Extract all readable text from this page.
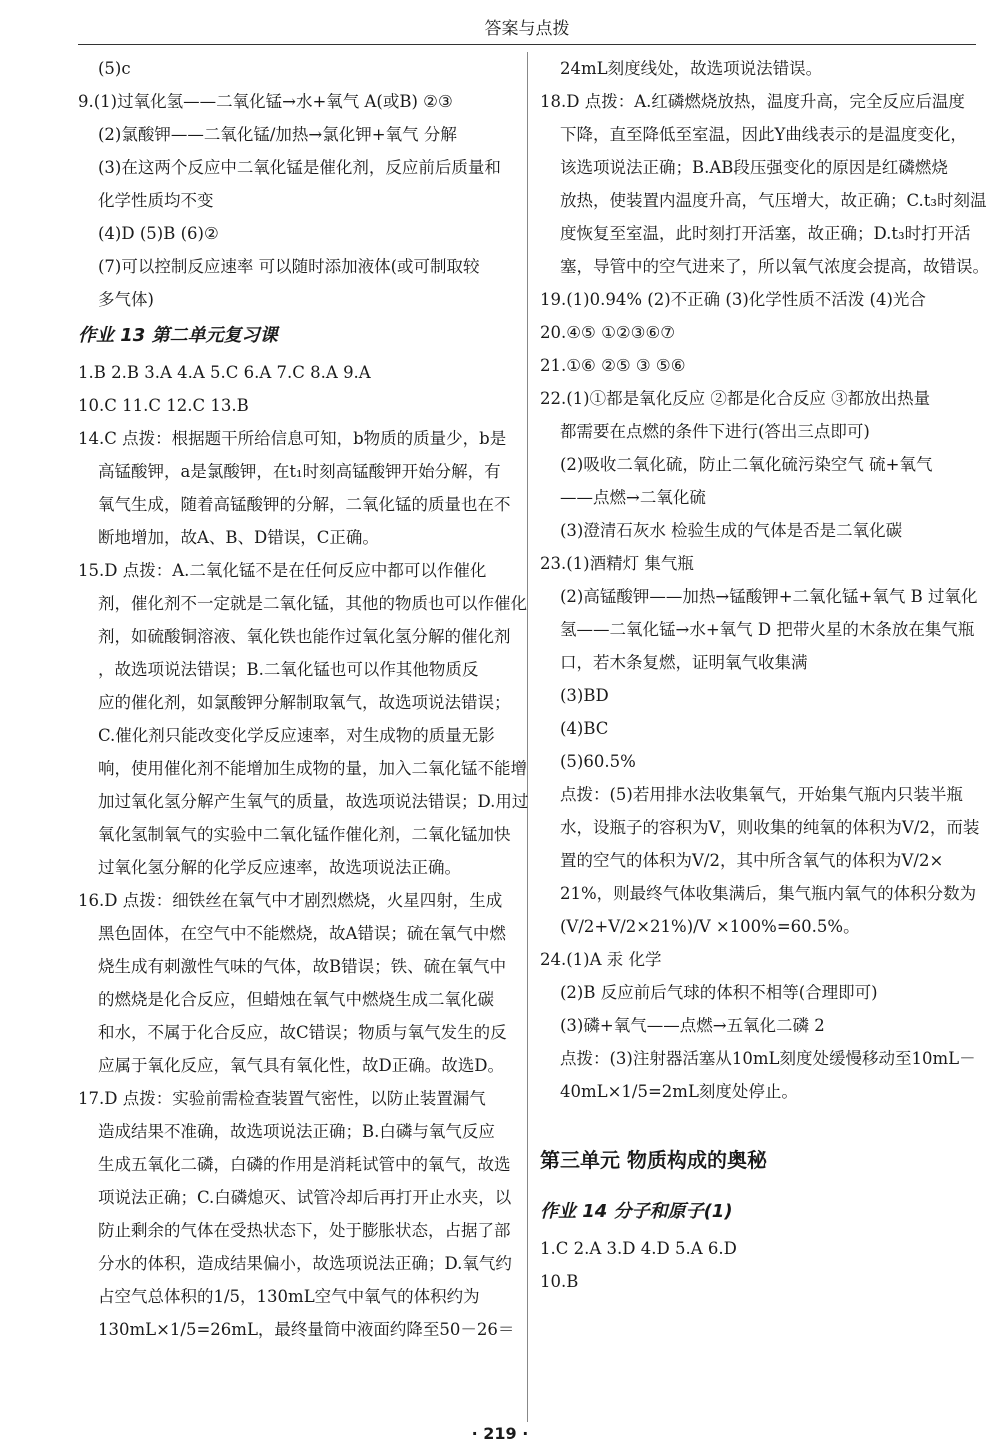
答案与点拨
(5)c
9.(1)过氧化氢——二氧化锰→水+氧气 A(或B) ②③
(2)氯酸钾——二氧化锰/加热→氯化钾+氧气 分解
(3)在这两个反应中二氧化锰是催化剂，反应前后质量和
化学性质均不变
(4)D (5)B (6)②
(7)可以控制反应速率 可以随时添加液体(或可制取较
多气体)
作业 13 第二单元复习课
1.B 2.B 3.A 4.A 5.C 6.A 7.C 8.A 9.A
10.C 11.C 12.C 13.B
14.C 点拨：根据题干所给信息可知，b物质的质量少，b是
高锰酸钾，a是氯酸钾，在t₁时刻高锰酸钾开始分解，有
氧气生成，随着高锰酸钾的分解，二氧化锰的质量也在不
断地增加，故A、B、D错误，C正确。
15.D 点拨：A.二氧化锰不是在任何反应中都可以作催化
剂，催化剂不一定就是二氧化锰，其他的物质也可以作催化
剂，如硫酸铜溶液、氧化铁也能作过氧化氢分解的催化剂
，故选项说法错误；B.二氧化锰也可以作其他物质反
应的催化剂，如氯酸钾分解制取氧气，故选项说法错误；
C.催化剂只能改变化学反应速率，对生成物的质量无影
响，使用催化剂不能增加生成物的量，加入二氧化锰不能增
加过氧化氢分解产生氧气的质量，故选项说法错误；D.用过
氧化氢制氧气的实验中二氧化锰作催化剂，二氧化锰加快
过氧化氢分解的化学反应速率，故选项说法正确。
16.D 点拨：细铁丝在氧气中才剧烈燃烧，火星四射，生成
黑色固体，在空气中不能燃烧，故A错误；硫在氧气中燃
烧生成有刺激性气味的气体，故B错误；铁、硫在氧气中
的燃烧是化合反应，但蜡烛在氧气中燃烧生成二氧化碳
和水，不属于化合反应，故C错误；物质与氧气发生的反
应属于氧化反应，氧气具有氧化性，故D正确。故选D。
17.D 点拨：实验前需检查装置气密性，以防止装置漏气
造成结果不准确，故选项说法正确；B.白磷与氧气反应
生成五氧化二磷，白磷的作用是消耗试管中的氧气，故选
项说法正确；C.白磷熄灭、试管冷却后再打开止水夹，以
防止剩余的气体在受热状态下，处于膨胀状态，占据了部
分水的体积，造成结果偏小，故选项说法正确；D.氧气约
占空气总体积的1/5，130mL空气中氧气的体积约为
130mL×1/5=26mL，最终量筒中液面约降至50－26＝
24mL刻度线处，故选项说法错误。
18.D 点拨：A.红磷燃烧放热，温度升高，完全反应后温度
下降，直至降低至室温，因此Y曲线表示的是温度变化，
该选项说法正确；B.AB段压强变化的原因是红磷燃烧
放热，使装置内温度升高，气压增大，故正确；C.t₃时刻温
度恢复至室温，此时刻打开活塞，故正确；D.t₃时打开活
塞，导管中的空气进来了，所以氧气浓度会提高，故错误。
19.(1)0.94% (2)不正确 (3)化学性质不活泼 (4)光合
20.④⑤ ①②③⑥⑦
21.①⑥ ②⑤ ③ ⑤⑥
22.(1)①都是氧化反应 ②都是化合反应 ③都放出热量
都需要在点燃的条件下进行(答出三点即可)
(2)吸收二氧化硫，防止二氧化硫污染空气 硫+氧气
——点燃→二氧化硫
(3)澄清石灰水 检验生成的气体是否是二氧化碳
23.(1)酒精灯 集气瓶
(2)高锰酸钾——加热→锰酸钾+二氧化锰+氧气 B 过氧化
氢——二氧化锰→水+氧气 D 把带火星的木条放在集气瓶
口，若木条复燃，证明氧气收集满
(3)BD
(4)BC
(5)60.5%
点拨：(5)若用排水法收集氧气，开始集气瓶内只装半瓶
水，设瓶子的容积为V，则收集的纯氧的体积为V/2，而装
置的空气的体积为V/2，其中所含氧气的体积为V/2×
21%，则最终气体收集满后，集气瓶内氧气的体积分数为
(V/2+V/2×21%)/V ×100%=60.5%。
24.(1)A 汞 化学
(2)B 反应前后气球的体积不相等(合理即可)
(3)磷+氧气——点燃→五氧化二磷 2
点拨：(3)注射器活塞从10mL刻度处缓慢移动至10mL－
40mL×1/5=2mL刻度处停止。
第三单元 物质构成的奥秘
作业 14 分子和原子(1)
1.C 2.A 3.D 4.D 5.A 6.D
10.B
· 219 ·
